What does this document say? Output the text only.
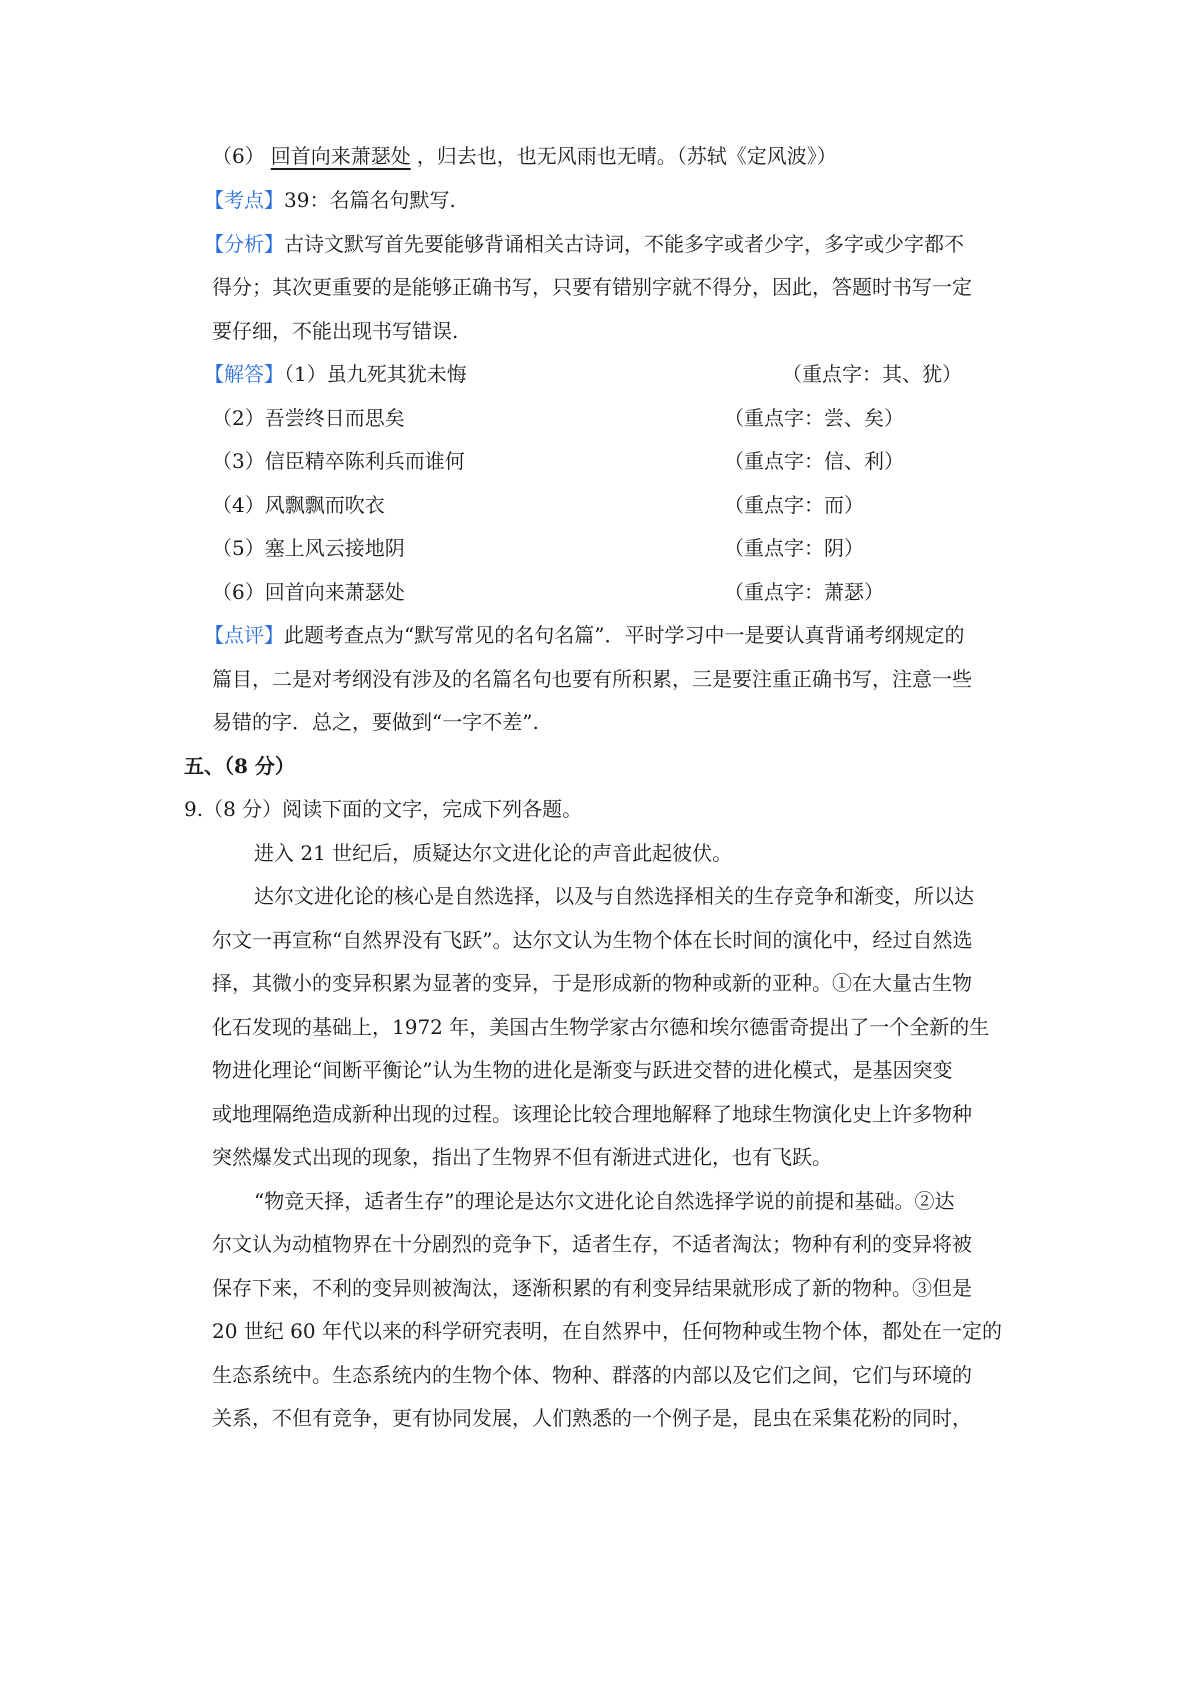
（6） 回首向来萧瑟处 ，归去也，也无风雨也无晴。（苏轼《定风波》）
【考点】39：名篇名句默写.
【分析】古诗文默写首先要能够背诵相关古诗词，不能多字或者少字，多字或少字都不
得分；其次更重要的是能够正确书写，只要有错别字就不得分，因此，答题时书写一定
要仔细，不能出现书写错误.
【解答】（1）虽九死其犹未悔	（重点字：其、犹）
（2）吾尝终日而思矣	（重点字：尝、矣）
（3）信臣精卒陈利兵而谁何	（重点字：信、利）
（4）风飘飘而吹衣	（重点字：而）
（5）塞上风云接地阴	（重点字：阴）
（6）回首向来萧瑟处	（重点字：萧瑟）
【点评】此题考查点为“默写常见的名句名篇”．平时学习中一是要认真背诵考纲规定的
篇目，二是对考纲没有涉及的名篇名句也要有所积累，三是要注重正确书写，注意一些
易错的字．总之，要做到“一字不差”.
五、（8 分）
9.（8 分）阅读下面的文字，完成下列各题。
进入 21 世纪后，质疑达尔文进化论的声音此起彼伏。
达尔文进化论的核心是自然选择，以及与自然选择相关的生存竞争和渐变，所以达
尔文一再宣称“自然界没有飞跃”。达尔文认为生物个体在长时间的演化中，经过自然选
择，其微小的变异积累为显著的变异，于是形成新的物种或新的亚种。①在大量古生物
化石发现的基础上，1972 年，美国古生物学家古尔德和埃尔德雷奇提出了一个全新的生
物进化理论“间断平衡论”认为生物的进化是渐变与跃进交替的进化模式，是基因突变
或地理隔绝造成新种出现的过程。该理论比较合理地解释了地球生物演化史上许多物种
突然爆发式出现的现象，指出了生物界不但有渐进式进化，也有飞跃。
“物竞天择，适者生存”的理论是达尔文进化论自然选择学说的前提和基础。②达
尔文认为动植物界在十分剧烈的竞争下，适者生存，不适者淘汰；物种有利的变异将被
保存下来，不利的变异则被淘汰，逐渐积累的有利变异结果就形成了新的物种。③但是
20 世纪 60 年代以来的科学研究表明，在自然界中，任何物种或生物个体，都处在一定的
生态系统中。生态系统内的生物个体、物种、群落的内部以及它们之间，它们与环境的
关系，不但有竞争，更有协同发展，人们熟悉的一个例子是，昆虫在采集花粉的同时，
